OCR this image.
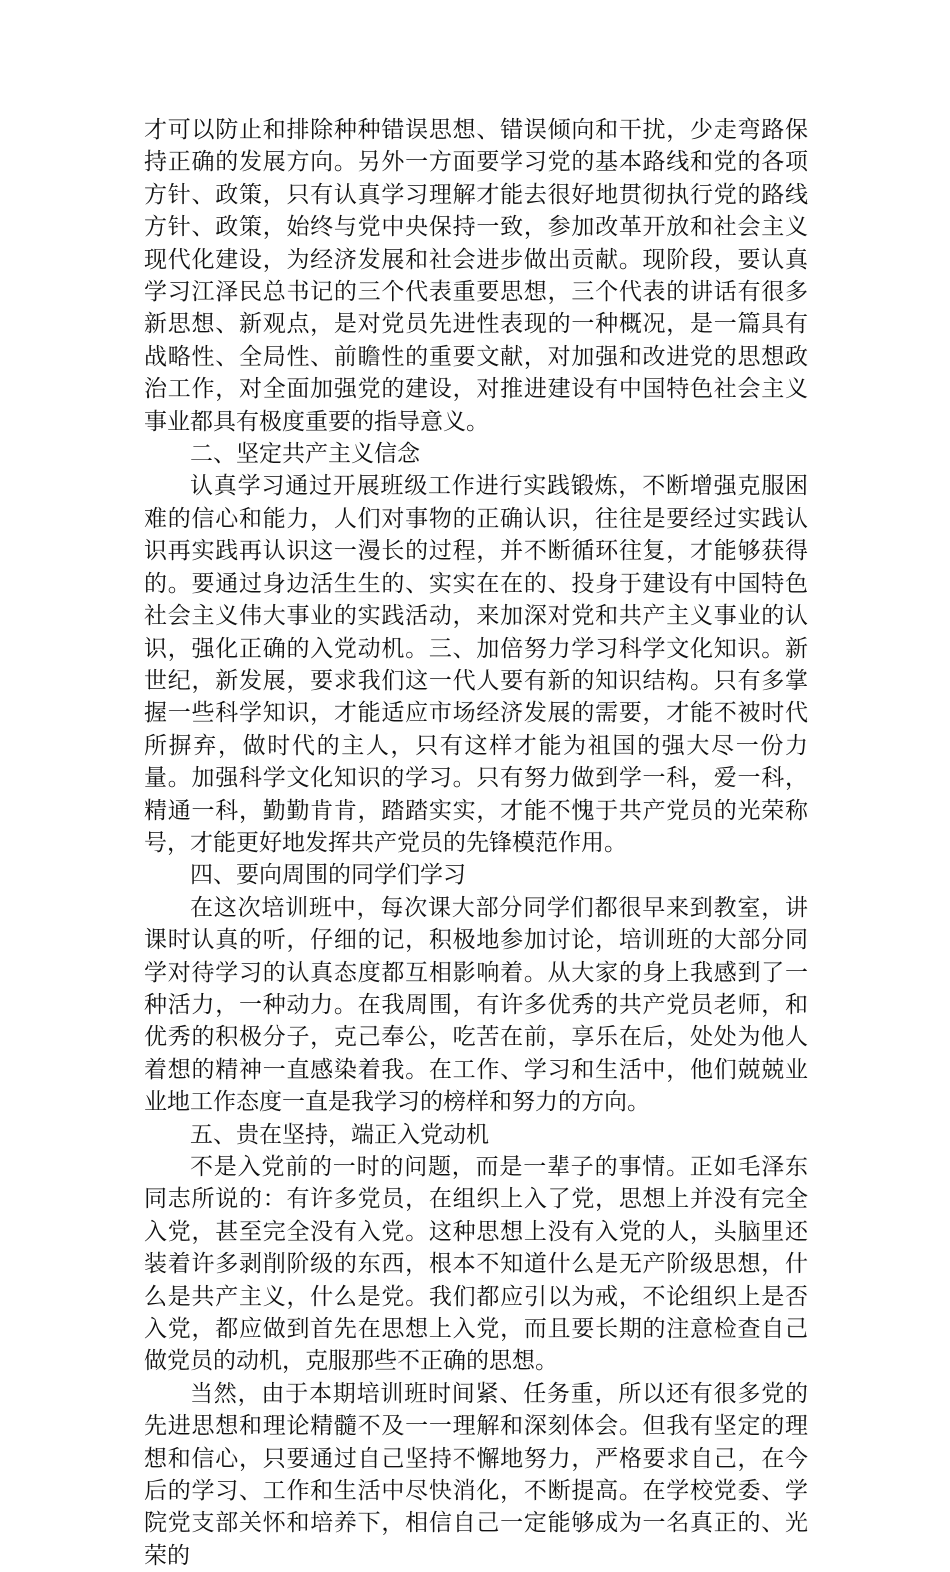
才可以防止和排除种种错误思想、错误倾向和干扰，少走弯路保持正确的发展方向。另外一方面要学习党的基本路线和党的各项方针、政策，只有认真学习理解才能去很好地贯彻执行党的路线方针、政策，始终与党中央保持一致，参加改革开放和社会主义现代化建设，为经济发展和社会进步做出贡献。现阶段，要认真学习江泽民总书记的三个代表重要思想，三个代表的讲话有很多新思想、新观点，是对党员先进性表现的一种概况，是一篇具有战略性、全局性、前瞻性的重要文献，对加强和改进党的思想政治工作，对全面加强党的建设，对推进建设有中国特色社会主义事业都具有极度重要的指导意义。

二、坚定共产主义信念

认真学习通过开展班级工作进行实践锻炼，不断增强克服困难的信心和能力，人们对事物的正确认识，往往是要经过实践认识再实践再认识这一漫长的过程，并不断循环往复，才能够获得的。要通过身边活生生的、实实在在的、投身于建设有中国特色社会主义伟大事业的实践活动，来加深对党和共产主义事业的认识，强化正确的入党动机。三、加倍努力学习科学文化知识。新世纪，新发展，要求我们这一代人要有新的知识结构。只有多掌握一些科学知识，才能适应市场经济发展的需要，才能不被时代所摒弃，做时代的主人，只有这样才能为祖国的强大尽一份力量。加强科学文化知识的学习。只有努力做到学一科，爱一科，精通一科，勤勤肯肯，踏踏实实，才能不愧于共产党员的光荣称号，才能更好地发挥共产党员的先锋模范作用。

四、要向周围的同学们学习

在这次培训班中，每次课大部分同学们都很早来到教室，讲课时认真的听，仔细的记，积极地参加讨论，培训班的大部分同学对待学习的认真态度都互相影响着。从大家的身上我感到了一种活力，一种动力。在我周围，有许多优秀的共产党员老师，和优秀的积极分子，克己奉公，吃苦在前，享乐在后，处处为他人着想的精神一直感染着我。在工作、学习和生活中，他们兢兢业业地工作态度一直是我学习的榜样和努力的方向。

五、贵在坚持，端正入党动机

不是入党前的一时的问题，而是一辈子的事情。正如毛泽东同志所说的：有许多党员，在组织上入了党，思想上并没有完全入党，甚至完全没有入党。这种思想上没有入党的人，头脑里还装着许多剥削阶级的东西，根本不知道什么是无产阶级思想，什么是共产主义，什么是党。我们都应引以为戒，不论组织上是否入党，都应做到首先在思想上入党，而且要长期的注意检查自己做党员的动机，克服那些不正确的思想。

当然，由于本期培训班时间紧、任务重，所以还有很多党的先进思想和理论精髓不及一一理解和深刻体会。但我有坚定的理想和信心，只要通过自己坚持不懈地努力，严格要求自己，在今后的学习、工作和生活中尽快消化，不断提高。在学校党委、学院党支部关怀和培养下，相信自己一定能够成为一名真正的、光荣的
